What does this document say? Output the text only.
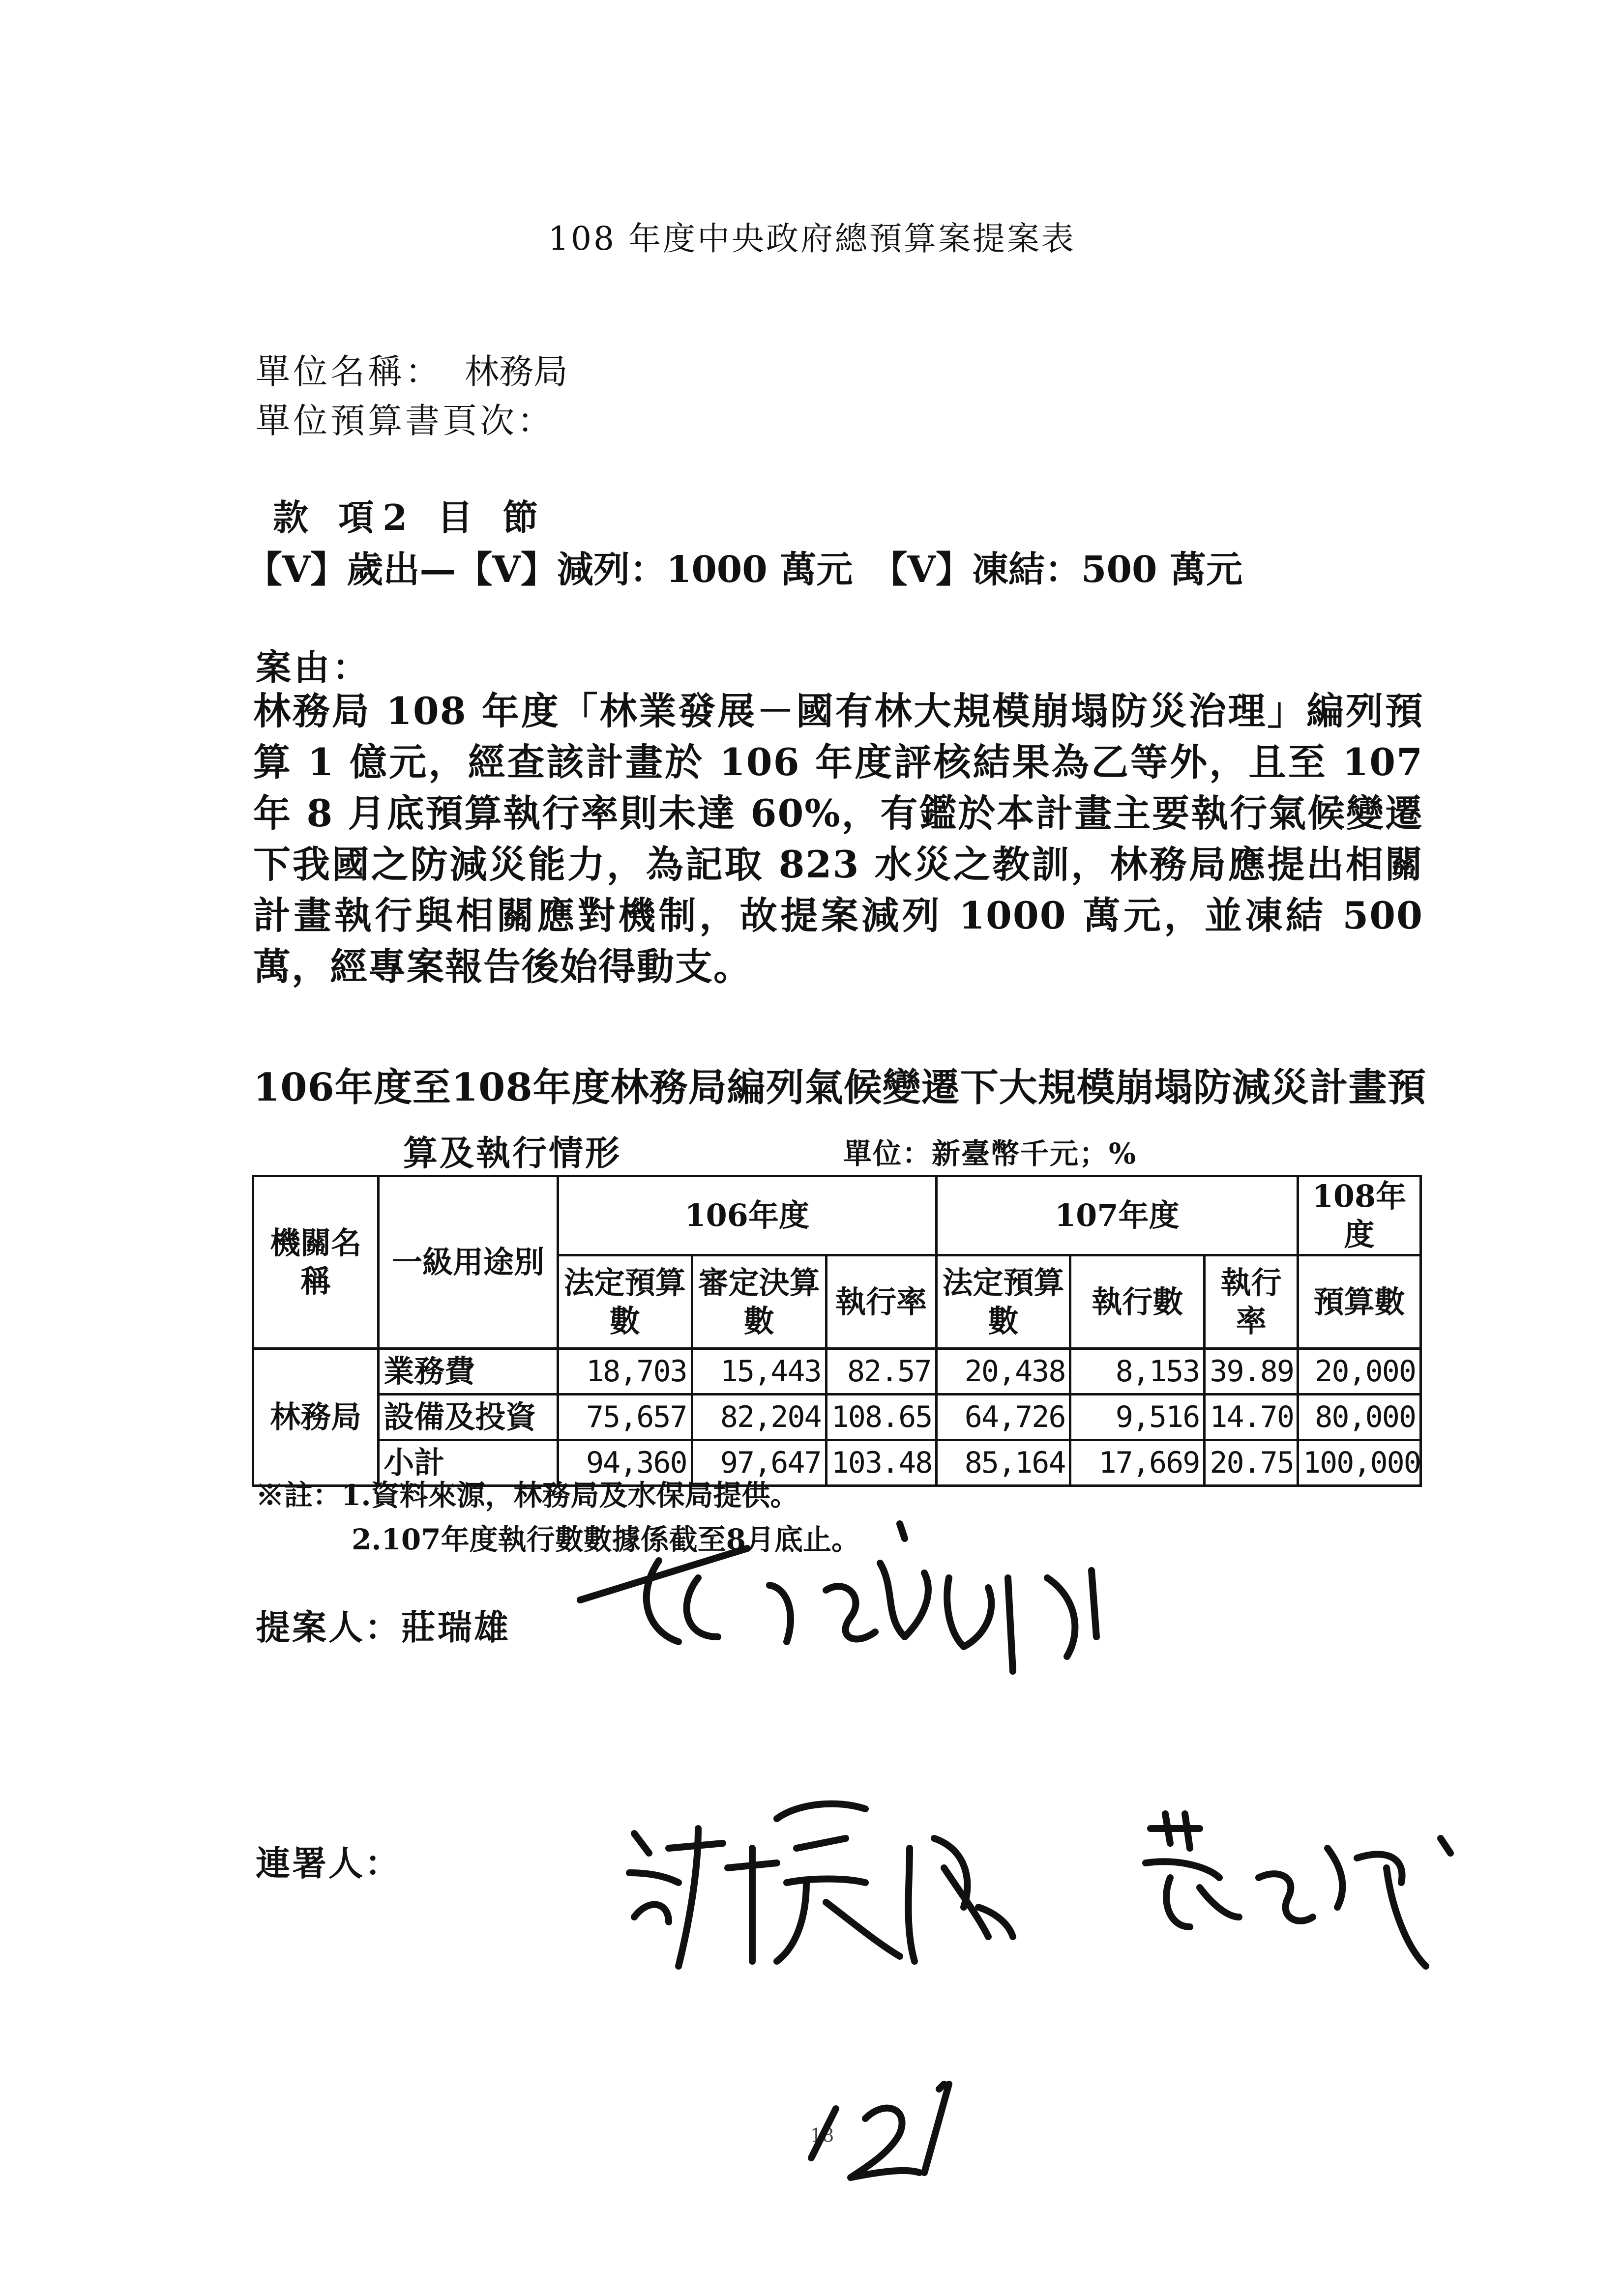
108 年度中央政府總預算案提案表
單位名稱： 林務局
單位預算書頁次：
款 項2 目 節
【V】歲出—【V】減列：1000 萬元　【V】凍結：500 萬元
案由：
林務局 108 年度「林業發展－國有林大規模崩塌防災治理」編列預算 1 億元，經查該計畫於 106 年度評核結果為乙等外，且至 107 年 8 月底預算執行率則未達 60%，有鑑於本計畫主要執行氣候變遷下我國之防減災能力，為記取 823 水災之教訓，林務局應提出相關計畫執行與相關應對機制，故提案減列 1000 萬元，並凍結 500 萬，經專案報告後始得動支。
106年度至108年度林務局編列氣候變遷下大規模崩塌防減災計畫預
算及執行情形	單位：新臺幣千元；%
機關名稱	一級用途別	106年度			107年度			108年度
		法定預算數	審定決算數	執行率	法定預算數	執行數	執行率	預算數
林務局	業務費	18,703	15,443	82.57	20,438	8,153	39.89	20,000
	設備及投資	75,657	82,204	108.65	64,726	9,516	14.70	80,000
	小計	94,360	97,647	103.48	85,164	17,669	20.75	100,000
※註：1.資料來源，林務局及水保局提供。
2.107年度執行數數據係截至8月底止。
提案人：莊瑞雄
連署人：
18
